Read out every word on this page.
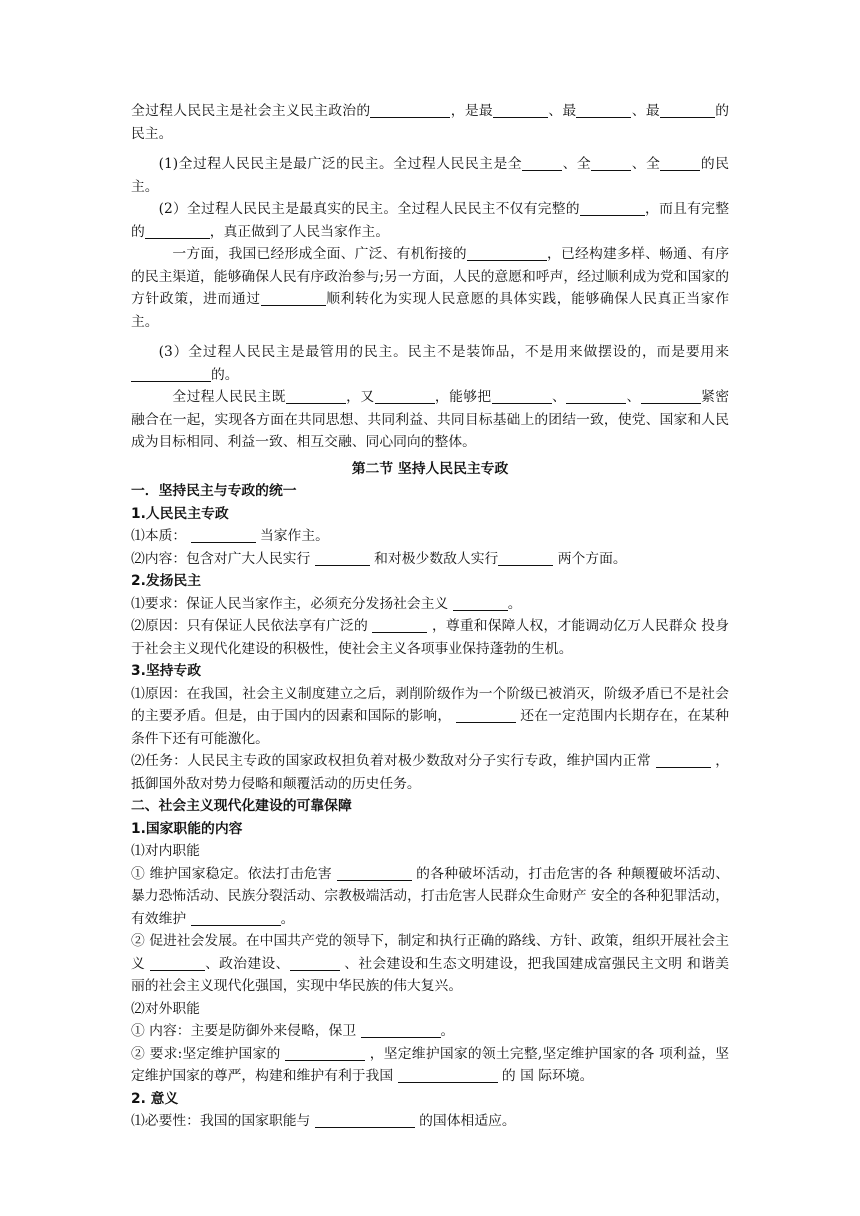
全过程人民民主是社会主义民主政治的	，是最	、最	、最	的民主。

(1)全过程人民民主是最广泛的民主。全过程人民民主是全	、全	、全	的民主。

(2）全过程人民民主是最真实的民主。全过程人民民主不仅有完整的	，而且有完整的	，真正做到了人民当家作主。

一方面，我国已经形成全面、广泛、有机衔接的	，已经构建多样、畅通、有序的民主渠道，能够确保人民有序政治参与;另一方面，人民的意愿和呼声，经过顺利成为党和国家的方针政策，进而通过	顺利转化为实现人民意愿的具体实践，能够确保人民真正当家作主。

(3）全过程人民民主是最管用的民主。民主不是装饰品，不是用来做摆设的，而是要用来的。

全过程人民民主既	，又	，能够把	、	、	紧密融合在一起，实现各方面在共同思想、共同利益、共同目标基础上的团结一致，使党、国家和人民成为目标相同、利益一致、相互交融、同心同向的整体。

第二节 坚持人民民主专政

一．坚持民主与专政的统一

1.人民民主专政

⑴本质：	当家作主。

⑵内容：包含对广大人民实行	和对极少数敌人实行	两个方面。

2.发扬民主

⑴要求：保证人民当家作主，必须充分发扬社会主义	。

⑵原因：只有保证人民依法享有广泛的	，尊重和保障人权，才能调动亿万人民群众 投身于社会主义现代化建设的积极性，使社会主义各项事业保持蓬勃的生机。

3.坚持专政

⑴原因：在我国，社会主义制度建立之后，剥削阶级作为一个阶级已被消灭，阶级矛盾已不是社会的主要矛盾。但是，由于国内的因素和国际的影响，	还在一定范围内长期存在，在某种条件下还有可能激化。

⑵任务：人民民主专政的国家政权担负着对极少数敌对分子实行专政，维护国内正常	，抵御国外敌对势力侵略和颠覆活动的历史任务。

二、社会主义现代化建设的可靠保障

1.国家职能的内容

⑴对内职能

① 维护国家稳定。依法打击危害	的各种破坏活动，打击危害的各 种颠覆破坏活动、暴力恐怖活动、民族分裂活动、宗教极端活动，打击危害人民群众生命财产 安全的各种犯罪活动，有效维护	。

② 促进社会发展。在中国共产党的领导下，制定和执行正确的路线、方针、政策，组织开展社会主义	、政治建设、	、社会建设和生态文明建设，把我国建成富强民主文明 和谐美丽的社会主义现代化强国，实现中华民族的伟大复兴。

⑵对外职能

① 内容：主要是防御外来侵略，保卫	。

② 要求:坚定维护国家的	，坚定维护国家的领土完整,坚定维护国家的各 项利益，坚定维护国家的尊严，构建和维护有利于我国	的 国 际环境。

2. 意义

⑴必要性：我国的国家职能与	的国体相适应。
